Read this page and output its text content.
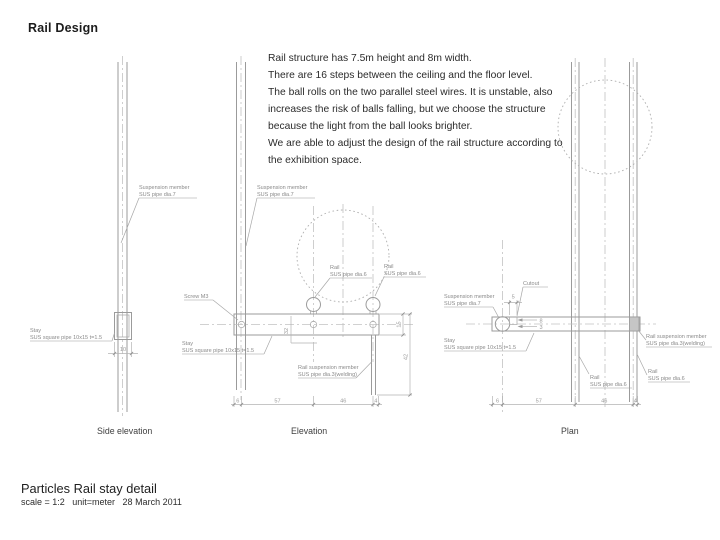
Rail Design
Rail structure has 7.5m height and 8m width.
There are 16 steps between the ceiling and the floor level.
The ball rolls on the two parallel steel wires. It is unstable, also
increases the risk of balls falling, but we choose the structure
because the light from the ball looks brighter.
We are able to adjust the design of the rail structure according to
the exhibition space.
10
Suspension member
SUS pipe dia.7
Stay
SUS square pipe 10x15 t=1.5
Side elevation
Suspension member
SUS pipe dia.7
Screw M3
Stay
SUS square pipe 10x15 t=1.5
Rail
SUS pipe dia.6
Rail
SUS pipe dia.6
Rail suspension member
SUS pipe dia.3(welding)
32
15
42
6	57	46	4
Elevation
5
8
3
Cutout
Suspension member
SUS pipe dia.7
Stay
SUS square pipe 10x15 t=1.5
Rail suspension member
SUS pipe dia.3(welding)
Rail
SUS pipe dia.6
Rail
SUS pipe dia.6
6	57	46	4
Plan
Particles Rail stay detail
scale = 1:2   unit=meter   28 March 2011
